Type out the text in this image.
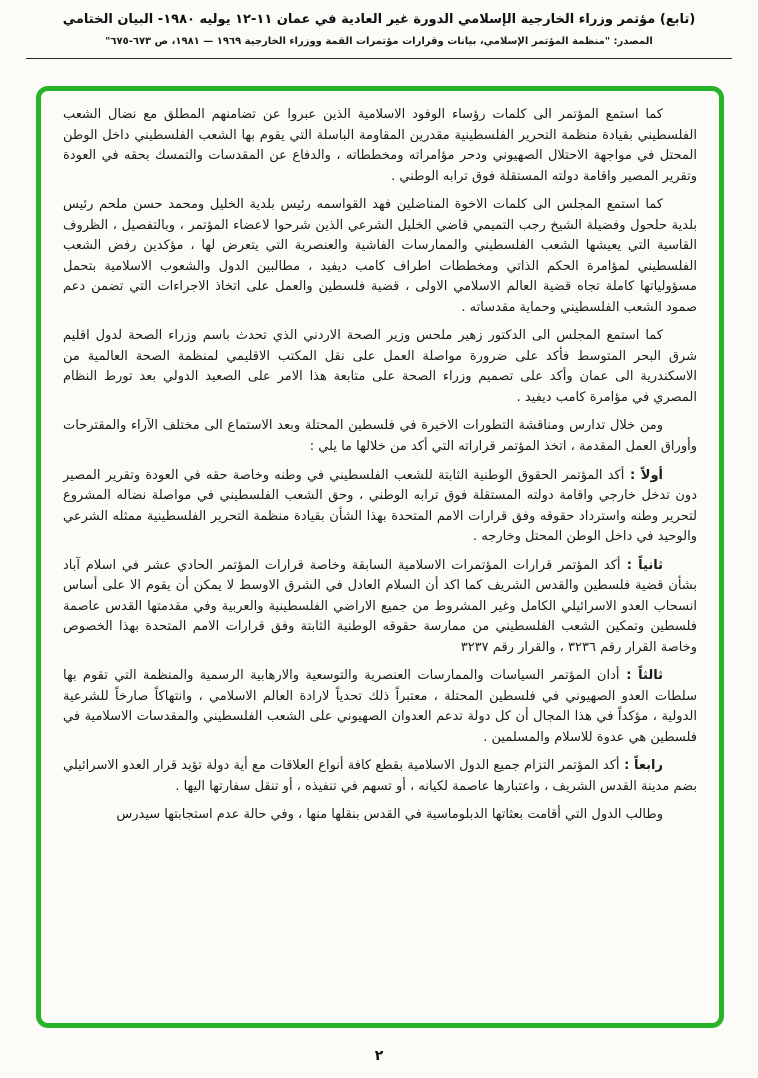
(تابع) مؤتمر وزراء الخارجية الإسلامي الدورة غير العادية في عمان ١١-١٢ يوليه ١٩٨٠- البيان الختامي
المصدر: "منظمة المؤتمر الإسلامي، بيانات وقرارات مؤتمرات القمة ووزراء الخارجية ١٩٦٩ — ١٩٨١، ص ٦٧٣-٦٧٥"

كما استمع المؤتمر الى كلمات رؤساء الوفود الاسلامية الذين عبروا عن تضامنهم المطلق مع نضال الشعب الفلسطيني بقيادة منظمة التحرير الفلسطينية مقدرين المقاومة الباسلة التي يقوم بها الشعب الفلسطيني داخل الوطن المحتل في مواجهة الاحتلال الصهيوني ودحر مؤامراته ومخططاته ، والدفاع عن المقدسات والتمسك بحقه في العودة وتقرير المصير واقامة دولته المستقلة فوق ترابه الوطني .

كما استمع المجلس الى كلمات الاخوة المناضلين فهد القواسمه رئيس بلدية الخليل ومحمد حسن ملحم رئيس بلدية حلحول وفضيلة الشيخ رجب التميمي قاضي الخليل الشرعي الذين شرحوا لاعضاء المؤتمر ، وبالتفصيل ، الظروف القاسية التي يعيشها الشعب الفلسطيني والممارسات الفاشية والعنصرية التي يتعرض لها ، مؤكدين رفض الشعب الفلسطيني لمؤامرة الحكم الذاتي ومخططات اطراف كامب ديفيد ، مطالبين الدول والشعوب الاسلامية بتحمل مسؤولياتها كاملة تجاه قضية العالم الاسلامي الاولى ، قضية فلسطين والعمل على اتخاذ الاجراءات التي تضمن دعم صمود الشعب الفلسطيني وحماية مقدساته .

كما استمع المجلس الى الدكتور زهير ملحس وزير الصحة الاردني الذي تحدث باسم وزراء الصحة لدول اقليم شرق البحر المتوسط فأكد على ضرورة مواصلة العمل على نقل المكتب الاقليمي لمنظمة الصحة العالمية من الاسكندرية الى عمان وأكد على تصميم وزراء الصحة على متابعة هذا الامر على الصعيد الدولي بعد تورط النظام المصري في مؤامرة كامب ديفيد .

ومن خلال تدارس ومناقشة التطورات الاخيرة في فلسطين المحتلة وبعد الاستماع الى مختلف الآراء والمقترحات وأوراق العمل المقدمة ، اتخذ المؤتمر قراراته التي أكد من خلالها ما يلي :

أولاً : أكد المؤتمر الحقوق الوطنية الثابتة للشعب الفلسطيني في وطنه وخاصة حقه في العودة وتقرير المصير دون تدخل خارجي واقامة دولته المستقلة فوق ترابه الوطني ، وحق الشعب الفلسطيني في مواصلة نضاله المشروع لتحرير وطنه واسترداد حقوقه وفق قرارات الامم المتحدة بهذا الشأن بقيادة منظمة التحرير الفلسطينية ممثله الشرعي والوحيد في داخل الوطن المحتل وخارجه .

ثانياً : أكد المؤتمر قرارات المؤتمرات الاسلامية السابقة وخاصة قرارات المؤتمر الحادي عشر في اسلام آباد بشأن قضية فلسطين والقدس الشريف كما اكد أن السلام العادل في الشرق الاوسط لا يمكن أن يقوم الا على أساس انسحاب العدو الاسرائيلي الكامل وغير المشروط من جميع الاراضي الفلسطينية والعربية وفي مقدمتها القدس عاصمة فلسطين وتمكين الشعب الفلسطيني من ممارسة حقوقه الوطنية الثابتة وفق قرارات الامم المتحدة بهذا الخصوص وخاصة القرار رقم ٣٢٣٦ ، والقرار رقم ٣٢٣٧

ثالثاً : أدان المؤتمر السياسات والممارسات العنصرية والتوسعية والارهابية الرسمية والمنظمة التي تقوم بها سلطات العدو الصهيوني في فلسطين المحتلة ، معتبراً ذلك تحدياً لارادة العالم الاسلامي ، وانتهاكاً صارخاً للشرعية الدولية ، مؤكداً في هذا المجال أن كل دولة تدعم العدوان الصهيوني على الشعب الفلسطيني والمقدسات الاسلامية في فلسطين هي عدوة للاسلام والمسلمين .

رابعاً : أكد المؤتمر التزام جميع الدول الاسلامية بقطع كافة أنواع العلاقات مع أية دولة تؤيد قرار العدو الاسرائيلي بضم مدينة القدس الشريف ، واعتبارها عاصمة لكيانه ، أو تسهم في تنفيذه ، أو تنقل سفارتها اليها .

وطالب الدول التي أقامت بعثاتها الدبلوماسية في القدس بنقلها منها ، وفي حالة عدم استجابتها سيدرس

٢
